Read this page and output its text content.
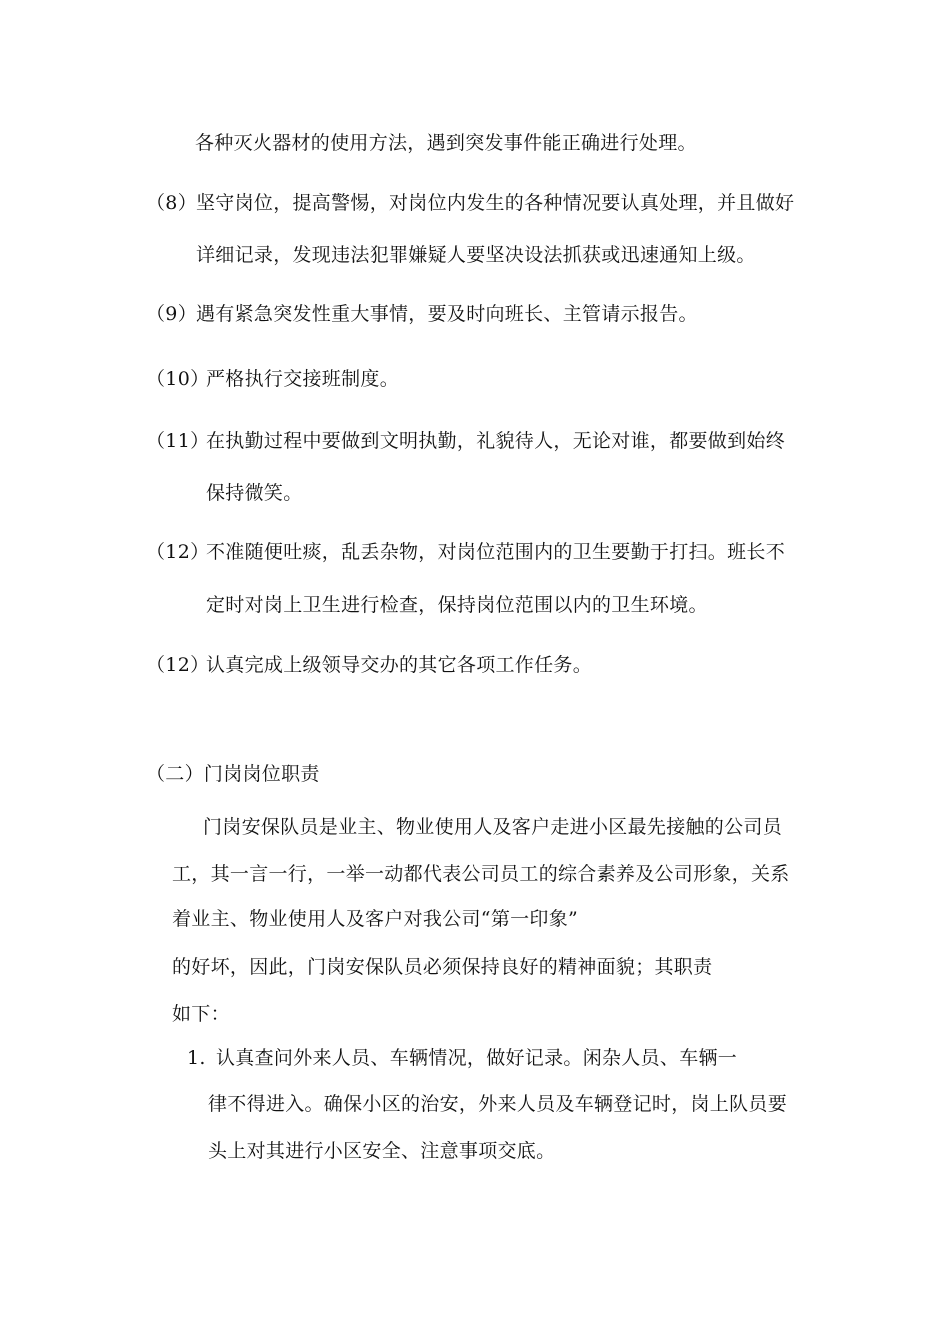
各种灭火器材的使用方法，遇到突发事件能正确进行处理。
（8） 坚守岗位，提高警惕，对岗位内发生的各种情况要认真处理，并且做好
详细记录，发现违法犯罪嫌疑人要坚决设法抓获或迅速通知上级。
（9） 遇有紧急突发性重大事情，要及时向班长、主管请示报告。
（10）
严格执行交接班制度。
（11）
在执勤过程中要做到文明执勤，礼貌待人，无论对谁，都要做到始终
保持微笑。
（12）
不准随便吐痰，乱丢杂物，对岗位范围内的卫生要勤于打扫。班长不
定时对岗上卫生进行检查，保持岗位范围以内的卫生环境。
（12）
认真完成上级领导交办的其它各项工作任务。
（二）门岗岗位职责
门岗安保队员是业主、物业使用人及客户走进小区最先接触的公司员
工，其一言一行，一举一动都代表公司员工的综合素养及公司形象，关系
着业主、物业使用人及客户对我公司“第一印象”
的好坏，因此，门岗安保队员必须保持良好的精神面貌；其职责
如下：
1. 认真查问外来人员、车辆情况，做好记录。闲杂人员、车辆一
律不得进入。确保小区的治安，外来人员及车辆登记时，岗上队员要
头上对其进行小区安全、注意事项交底。
